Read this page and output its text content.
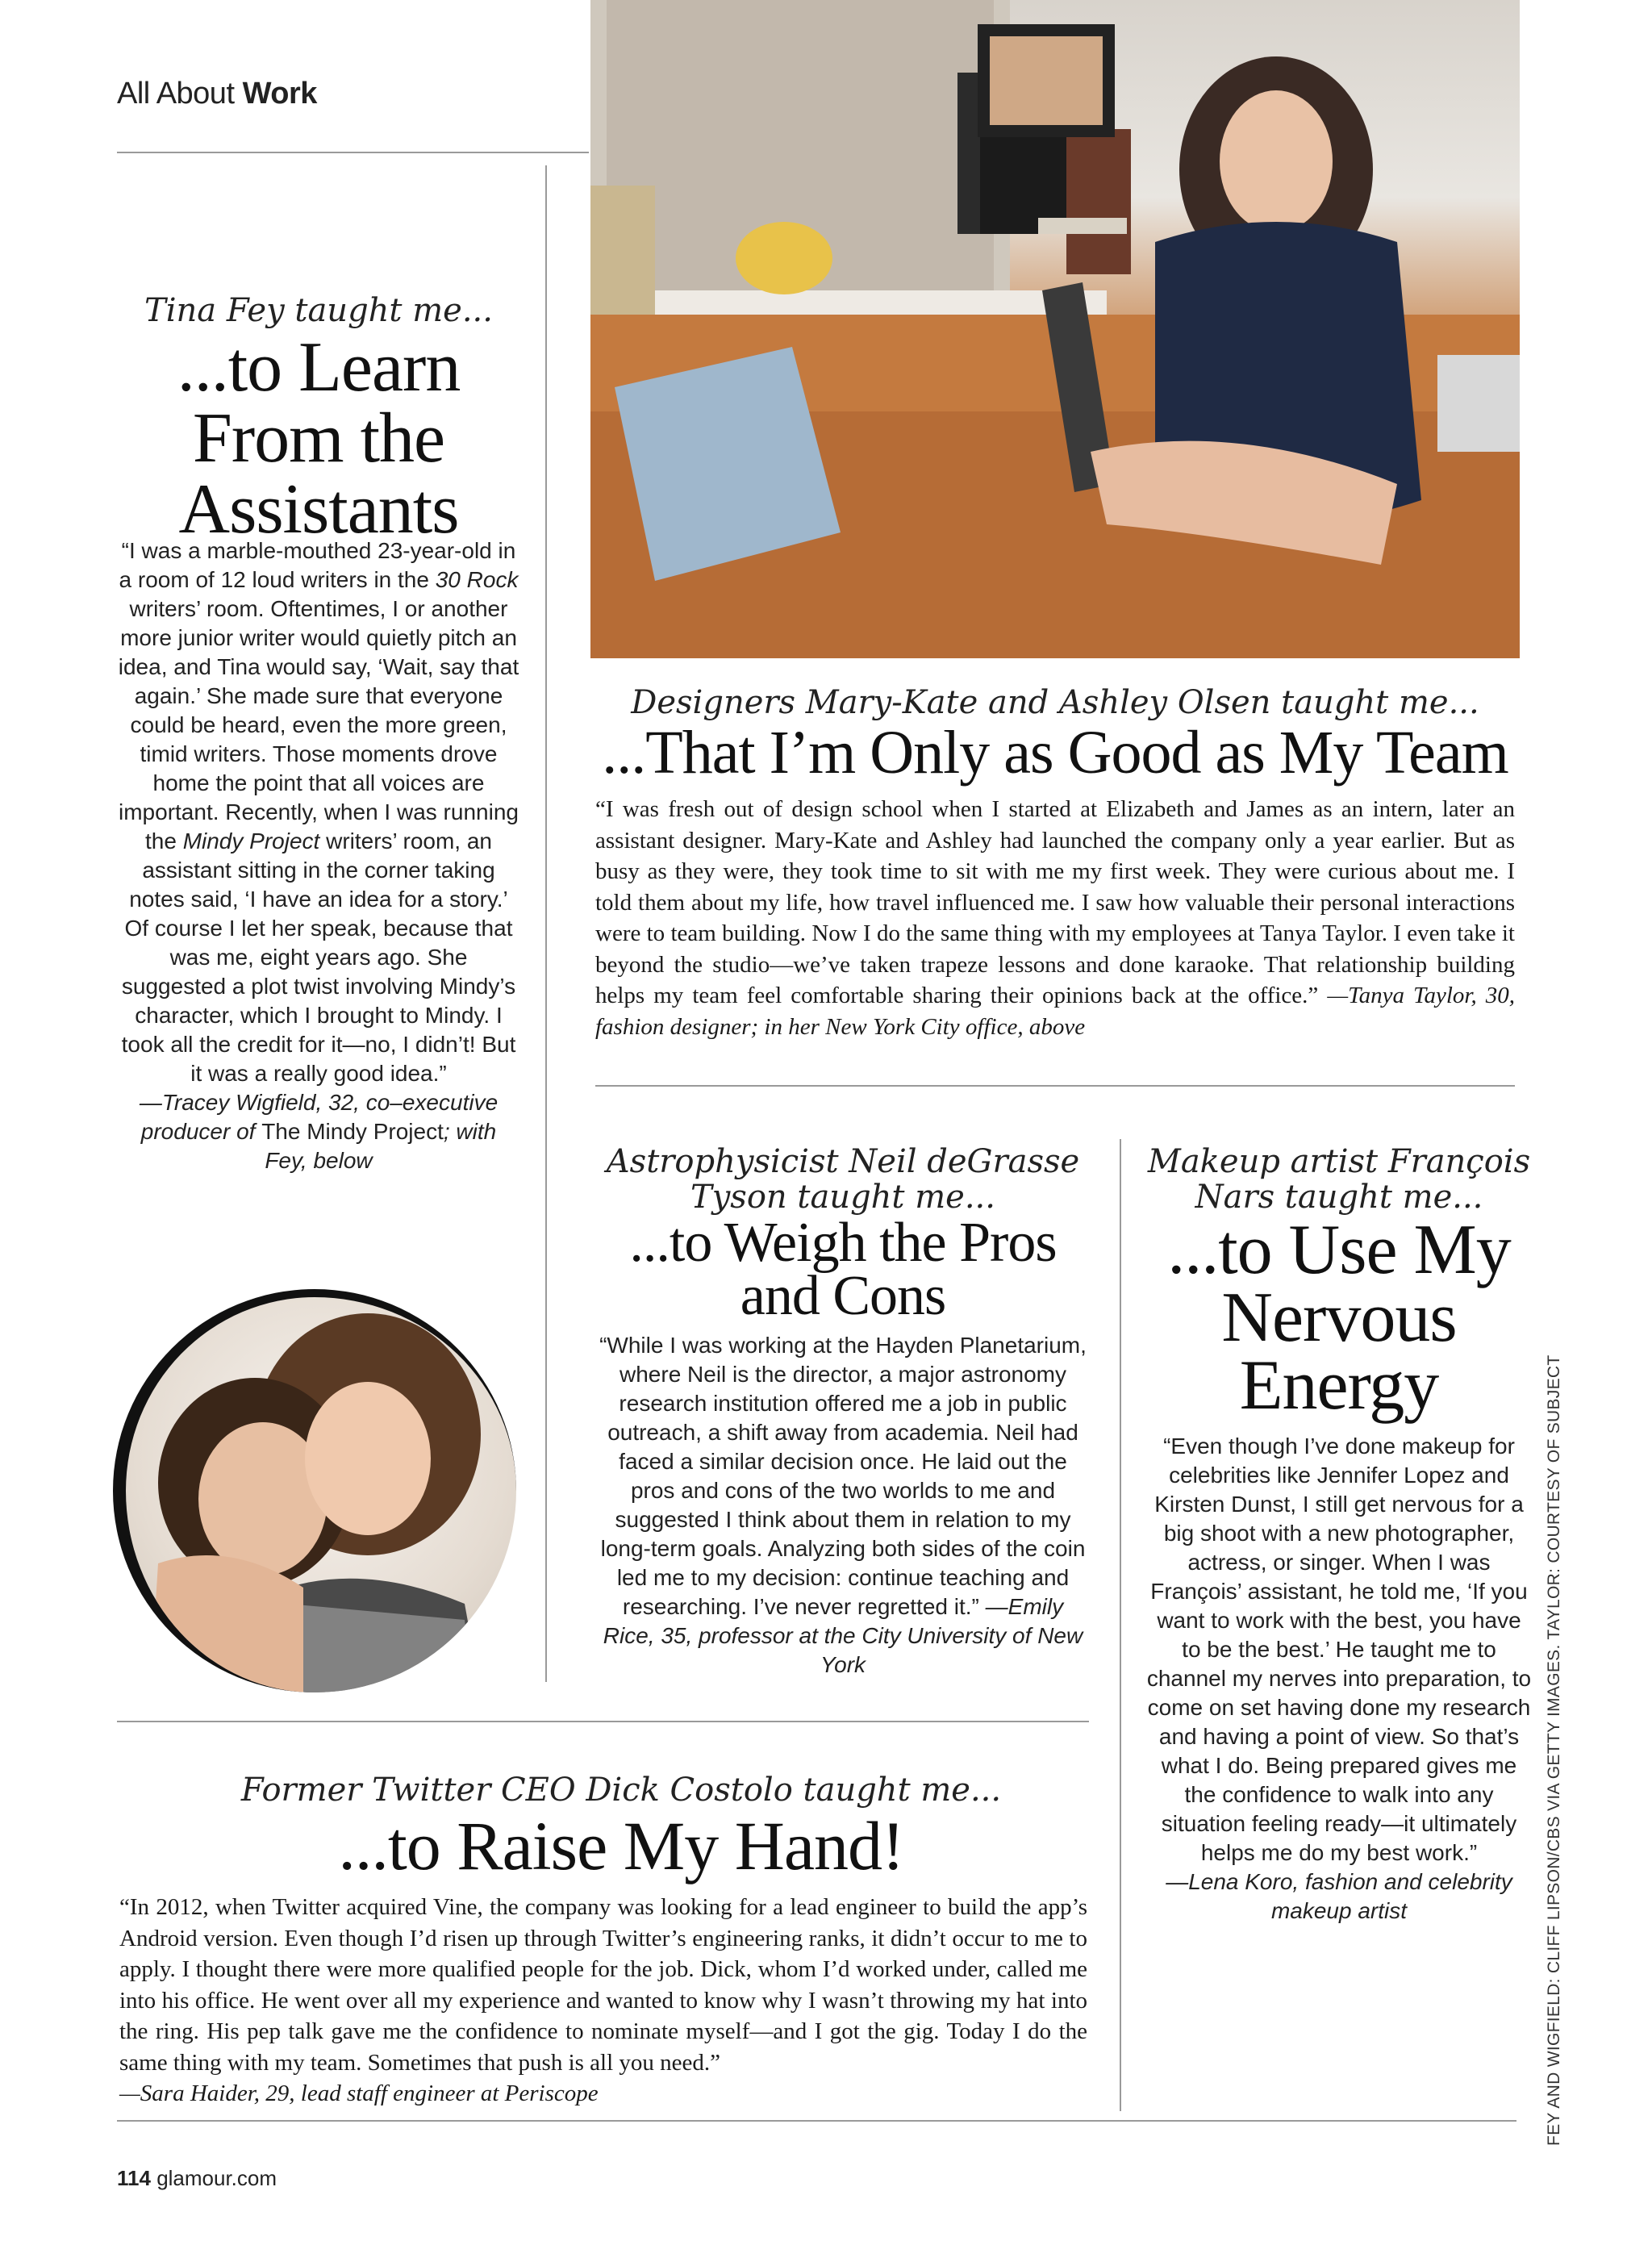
All About Work
Tina Fey taught me...
...to Learn From the Assistants
“I was a marble-mouthed 23-year-old in a room of 12 loud writers in the 30 Rock writers’ room. Oftentimes, I or another more junior writer would quietly pitch an idea, and Tina would say, ‘Wait, say that again.’ She made sure that everyone could be heard, even the more green, timid writers. Those moments drove home the point that all voices are important. Recently, when I was running the Mindy Project writers’ room, an assistant sitting in the corner taking notes said, ‘I have an idea for a story.’ Of course I let her speak, because that was me, eight years ago. She suggested a plot twist involving Mindy’s character, which I brought to Mindy. I took all the credit for it—no, I didn’t! But it was a really good idea.”
—Tracey Wigfield, 32, co–executive producer of The Mindy Project; with Fey, below
Designers Mary-Kate and Ashley Olsen taught me...
...That I’m Only as Good as My Team
“I was fresh out of design school when I started at Elizabeth and James as an intern, later an assistant designer. Mary-Kate and Ashley had launched the company only a year earlier. But as busy as they were, they took time to sit with me my first week. They were curious about me. I told them about my life, how travel influenced me. I saw how valuable their personal interactions were to team building. Now I do the same thing with my employees at Tanya Taylor. I even take it beyond the studio—we’ve taken trapeze lessons and done karaoke. That relationship building helps my team feel comfortable sharing their opinions back at the office.” —Tanya Taylor, 30, fashion designer; in her New York City office, above
Astrophysicist Neil deGrasse Tyson taught me...
...to Weigh the Pros and Cons
“While I was working at the Hayden Planetarium, where Neil is the director, a major astronomy research institution offered me a job in public outreach, a shift away from academia. Neil had faced a similar decision once. He laid out the pros and cons of the two worlds to me and suggested I think about them in relation to my long-term goals. Analyzing both sides of the coin led me to my decision: continue teaching and researching. I’ve never regretted it.” —Emily Rice, 35, professor at the City University of New York
Makeup artist François Nars taught me...
...to Use My Nervous Energy
“Even though I’ve done makeup for celebrities like Jennifer Lopez and Kirsten Dunst, I still get nervous for a big shoot with a new photographer, actress, or singer. When I was François’ assistant, he told me, ‘If you want to work with the best, you have to be the best.’ He taught me to channel my nerves into preparation, to come on set having done my research and having a point of view. So that’s what I do. Being prepared gives me the confidence to walk into any situation feeling ready—it ultimately helps me do my best work.”
—Lena Koro, fashion and celebrity makeup artist
Former Twitter CEO Dick Costolo taught me...
...to Raise My Hand!
“In 2012, when Twitter acquired Vine, the company was looking for a lead engineer to build the app’s Android version. Even though I’d risen up through Twitter’s engineering ranks, it didn’t occur to me to apply. I thought there were more qualified people for the job. Dick, whom I’d worked under, called me into his office. He went over all my experience and wanted to know why I wasn’t throwing my hat into the ring. His pep talk gave me the confidence to nominate myself—and I got the gig. Today I do the same thing with my team. Sometimes that push is all you need.”
—Sara Haider, 29, lead staff engineer at Periscope
114 glamour.com
FEY AND WIGFIELD: CLIFF LIPSON/CBS VIA GETTY IMAGES. TAYLOR: COURTESY OF SUBJECT
